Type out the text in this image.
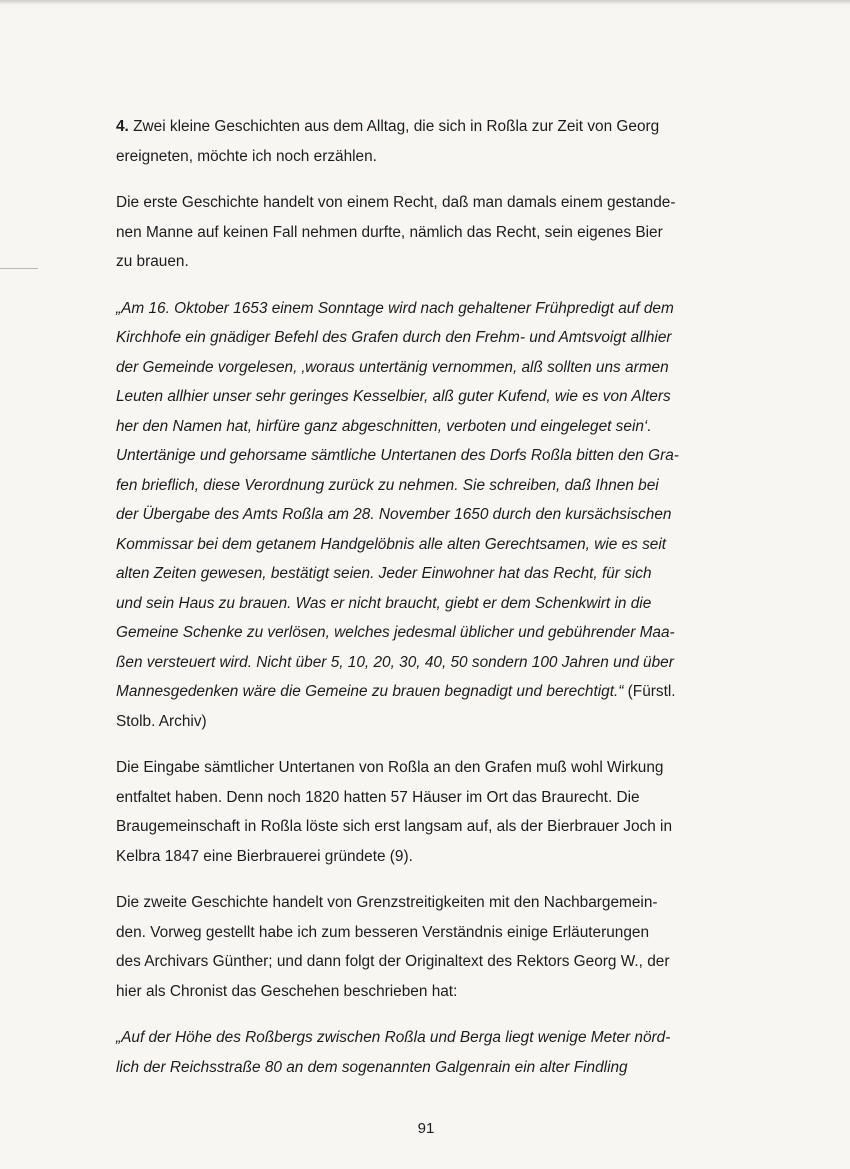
4. Zwei kleine Geschichten aus dem Alltag, die sich in Roßla zur Zeit von Georg
ereigneten, möchte ich noch erzählen.

Die erste Geschichte handelt von einem Recht, daß man damals einem gestande-
nen Manne auf keinen Fall nehmen durfte, nämlich das Recht, sein eigenes Bier
zu brauen.

„Am 16. Oktober 1653 einem Sonntage wird nach gehaltener Frühpredigt auf dem
Kirchhofe ein gnädiger Befehl des Grafen durch den Frehm- und Amtsvoigt allhier
der Gemeinde vorgelesen, ‚woraus untertänig vernommen, alß sollten uns armen
Leuten allhier unser sehr geringes Kesselbier, alß guter Kufend, wie es von Alters
her den Namen hat, hirfüre ganz abgeschnitten, verboten und eingeleget sein‘.
Untertänige und gehorsame sämtliche Untertanen des Dorfs Roßla bitten den Gra-
fen brieflich, diese Verordnung zurück zu nehmen. Sie schreiben, daß Ihnen bei
der Übergabe des Amts Roßla am 28. November 1650 durch den kursächsischen
Kommissar bei dem getanem Handgelöbnis alle alten Gerechtsamen, wie es seit
alten Zeiten gewesen, bestätigt seien. Jeder Einwohner hat das Recht, für sich
und sein Haus zu brauen. Was er nicht braucht, giebt er dem Schenkwirt in die
Gemeine Schenke zu verlösen, welches jedesmal üblicher und gebührender Maa-
ßen versteuert wird. Nicht über 5, 10, 20, 30, 40, 50 sondern 100 Jahren und über
Mannesgedenken wäre die Gemeine zu brauen begnadigt und berechtigt.“ (Fürstl.
Stolb. Archiv)

Die Eingabe sämtlicher Untertanen von Roßla an den Grafen muß wohl Wirkung
entfaltet haben. Denn noch 1820 hatten 57 Häuser im Ort das Braurecht. Die
Braugemeinschaft in Roßla löste sich erst langsam auf, als der Bierbrauer Joch in
Kelbra 1847 eine Bierbrauerei gründete (9).

Die zweite Geschichte handelt von Grenzstreitigkeiten mit den Nachbargemein-
den. Vorweg gestellt habe ich zum besseren Verständnis einige Erläuterungen
des Archivars Günther; und dann folgt der Originaltext des Rektors Georg W., der
hier als Chronist das Geschehen beschrieben hat:

„Auf der Höhe des Roßbergs zwischen Roßla und Berga liegt wenige Meter nörd-
lich der Reichsstraße 80 an dem sogenannten Galgenrain ein alter Findling

91
